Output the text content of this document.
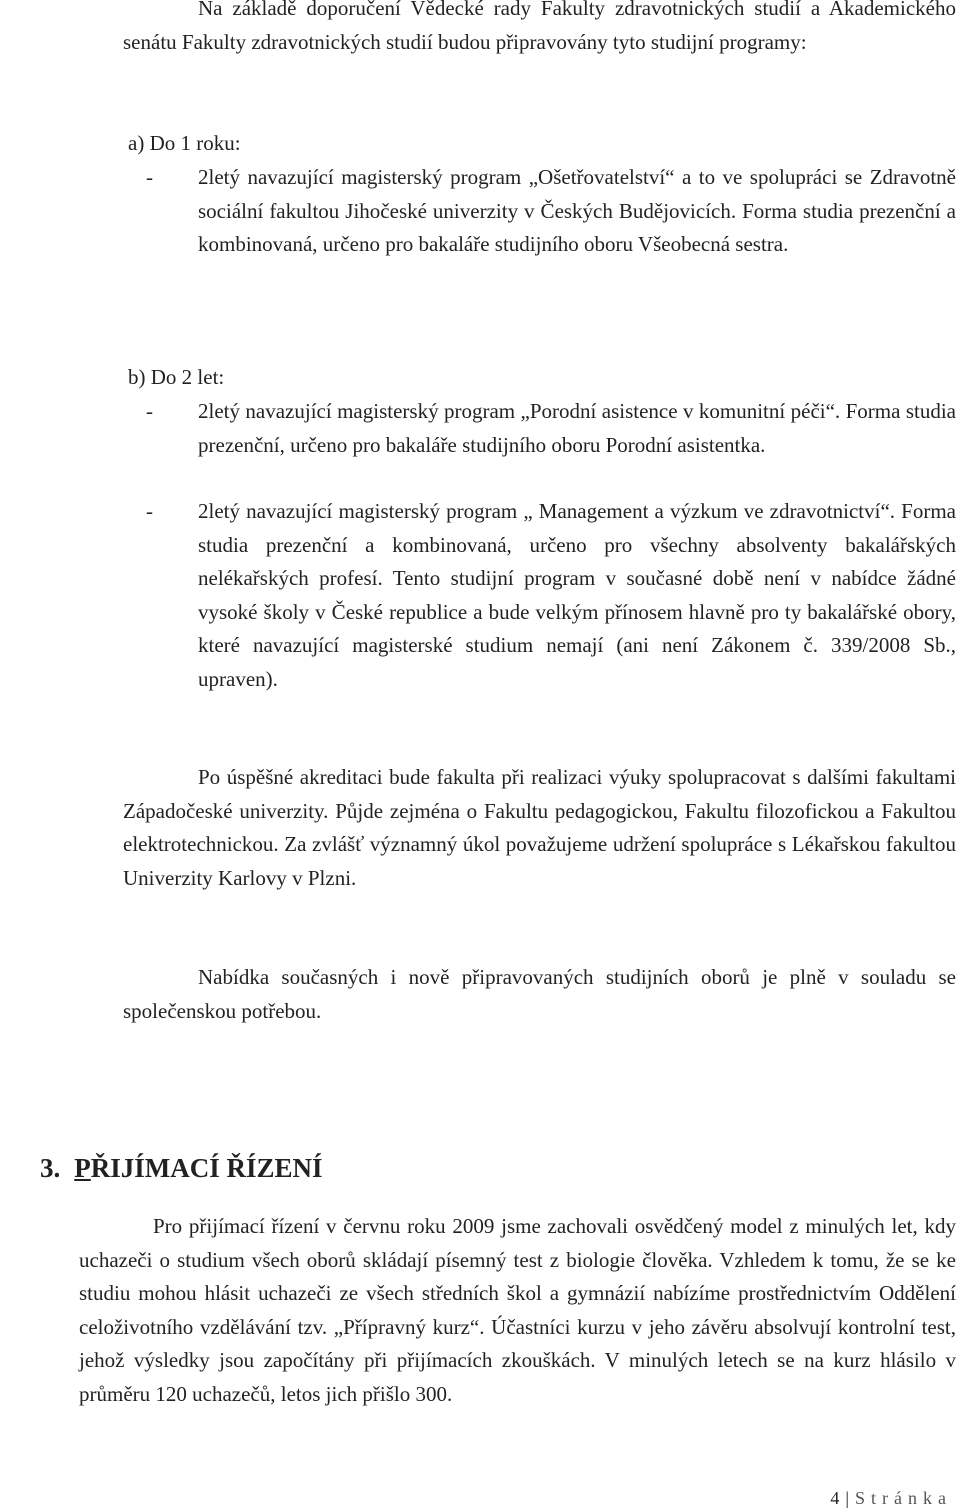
Na základě doporučení Vědecké rady Fakulty zdravotnických studií a Akademického senátu Fakulty zdravotnických studií budou připravovány tyto studijní programy:

a) Do 1 roku:

- 2letý navazující magisterský program „Ošetřovatelství“ a to ve spolupráci se Zdravotně sociální fakultou Jihočeské univerzity v Českých Budějovicích. Forma studia prezenční a kombinovaná, určeno pro bakaláře studijního oboru Všeobecná sestra.

b) Do 2 let:

- 2letý navazující magisterský program „Porodní asistence v komunitní péči“. Forma studia prezenční, určeno pro bakaláře studijního oboru Porodní asistentka.

- 2letý navazující magisterský program „ Management a výzkum ve zdravotnictví“. Forma studia prezenční a kombinovaná, určeno pro všechny absolventy bakalářských nelékařských profesí. Tento studijní program v současné době není v nabídce žádné vysoké školy v České republice a bude velkým přínosem hlavně pro ty bakalářské obory, které navazující magisterské studium nemají (ani není Zákonem č. 339/2008 Sb., upraven).

Po úspěšné akreditaci bude fakulta při realizaci výuky spolupracovat s dalšími fakultami Západočeské univerzity. Půjde zejména o Fakultu pedagogickou, Fakultu filozofickou a Fakultou elektrotechnickou. Za zvlášť významný úkol považujeme udržení spolupráce s Lékařskou fakultou Univerzity Karlovy v Plzni.

Nabídka současných i nově připravovaných studijních oborů je plně v souladu se společenskou potřebou.

3. PŘIJÍMACÍ ŘÍZENÍ

Pro přijímací řízení v červnu roku 2009 jsme zachovali osvědčený model z minulých let, kdy uchazeči o studium všech oborů skládají písemný test z biologie člověka. Vzhledem k tomu, že se ke studiu mohou hlásit uchazeči ze všech středních škol a gymnázií nabízíme prostřednictvím Oddělení celoživotního vzdělávání tzv. „Přípravný kurz“. Účastníci kurzu v jeho závěru absolvují kontrolní test, jehož výsledky jsou započítány při přijímacích zkouškách. V minulých letech se na kurz hlásilo v průměru 120 uchazečů, letos jich přišlo 300.

4 | Stránka
